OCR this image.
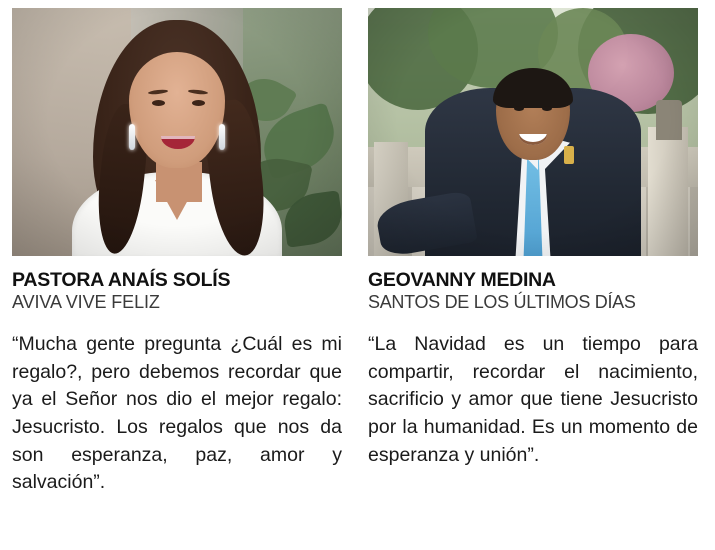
PASTORA ANAÍS SOLÍS
AVIVA VIVE FELIZ
“Mucha gente pregunta ¿Cuál es mi regalo?, pero debemos recordar que ya el Señor nos dio el mejor regalo: Jesucristo. Los regalos que nos da son esperanza, paz, amor y salvación”.
GEOVANNY MEDINA
SANTOS DE LOS ÚLTIMOS DÍAS
“La Navidad es un tiempo para compartir, recordar el nacimiento, sacrificio y amor que tiene Jesucristo por la humanidad. Es un momento de esperanza y unión”.
